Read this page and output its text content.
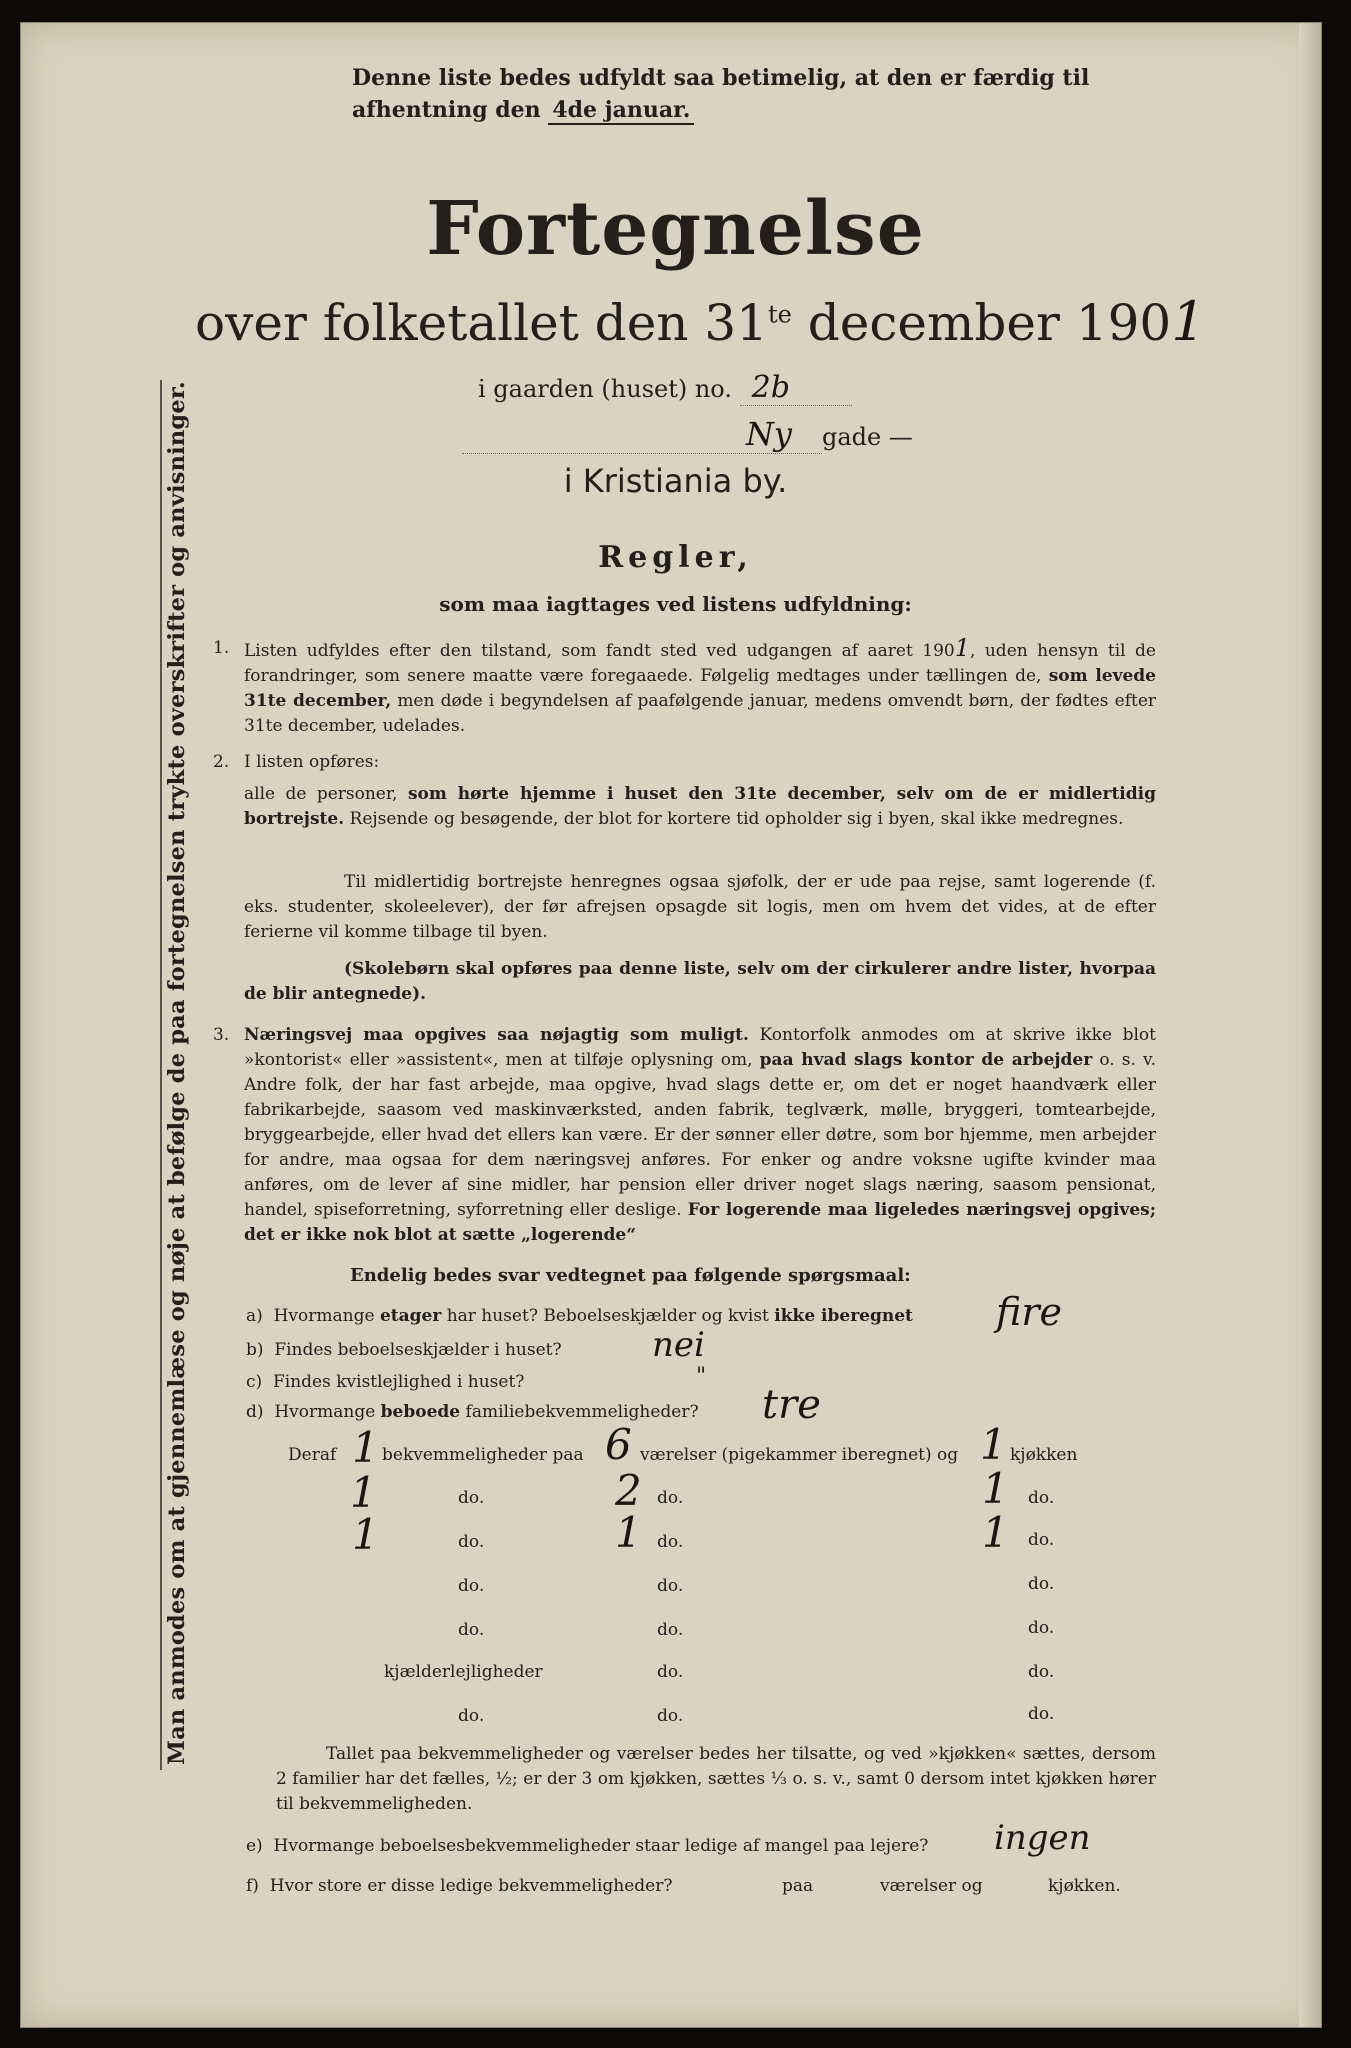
Denne liste bedes udfyldt saa betimelig, at den er færdig til
afhentning den 4de januar.
Fortegnelse
over folketallet den $31^{te}$ december 1901
i gaarden (huset) no. 2b
Ny gade —
i Kristiania by.
Man anmodes om at gjennemlæse og nøje at befølge de paa fortegnelsen trykte overskrifter og anvisninger.	Regler,
som maa iagttages ved listens udfyldning:
1. Listen udfyldes efter den tilstand, som fandt sted ved udgangen af aaret 1901, uden hensyn til de forandringer, som senere maatte være foregaaede. Følgelig medtages under tællingen de, som levede 31te december, men døde i begyndelsen af paafølgende januar, medens omvendt børn, der fødtes efter 31te december, udelades.
2. I listen opføres:
alle de personer, som hørte hjemme i huset den 31te december, selv om de er midlertidig bortrejste. Rejsende og besøgende, der blot for kortere tid opholder sig i byen, skal ikke medregnes.
Til midlertidig bortrejste henregnes ogsaa sjøfolk, der er ude paa rejse, samt logerende (f. eks. studenter, skoleelever), der før afrejsen opsagde sit logis, men om hvem det vides, at de efter ferierne vil komme tilbage til byen.
(Skolebørn skal opføres paa denne liste, selv om der cirkulerer andre lister, hvorpaa de blir antegnede).
3. Næringsvej maa opgives saa nøjagtig som muligt. Kontorfolk anmodes om at skrive ikke blot »kontorist« eller »assistent«, men at tilføje oplysning om, paa hvad slags kontor de arbejder o. s. v. Andre folk, der har fast arbejde, maa opgive, hvad slags dette er, om det er noget haandværk eller fabrikarbejde, saasom ved maskinværksted, anden fabrik, teglværk, mølle, bryggeri, tomtearbejde, bryggearbejde, eller hvad det ellers kan være. Er der sønner eller døtre, som bor hjemme, men arbejder for andre, maa ogsaa for dem næringsvej anføres. For enker og andre voksne ugifte kvinder maa anføres, om de lever af sine midler, har pension eller driver noget slags næring, saasom pensionat, handel, spiseforretning, syforretning eller deslige. For logerende maa ligeledes næringsvej opgives; det er ikke nok blot at sætte „logerende“
Endelig bedes svar vedtegnet paa følgende spørgsmaal:
a) Hvormange etager har huset? Beboelseskjælder og kvist ikke iberegnet fire
b) Findes beboelseskjælder i huset?	nei
c) Findes kvistlejlighed i huset?	"
d) Hvormange beboede familiebekvemmeligheder? tre
Deraf	bekvemmeligheder paa	værelser (pigekammer iberegnet) og	kjøkken
1	6	1
1	do.	2 do.	1 do.
1	do.	1 do.	1 do.
do.	do.	do.
do.	do.	do.
kjælderlejligheder	do.	do.
do.	do.	do.
Tallet paa bekvemmeligheder og værelser bedes her tilsatte, og ved »kjøkken« sættes, dersom 2 familier har det fælles, ½; er der 3 om kjøkken, sættes ⅓ o. s. v., samt 0 dersom intet kjøkken hører til bekvemmeligheden.
e) Hvormange beboelsesbekvemmeligheder staar ledige af mangel paa lejere? ingen
f) Hvor store er disse ledige bekvemmeligheder?	paa	værelser og	kjøkken.
